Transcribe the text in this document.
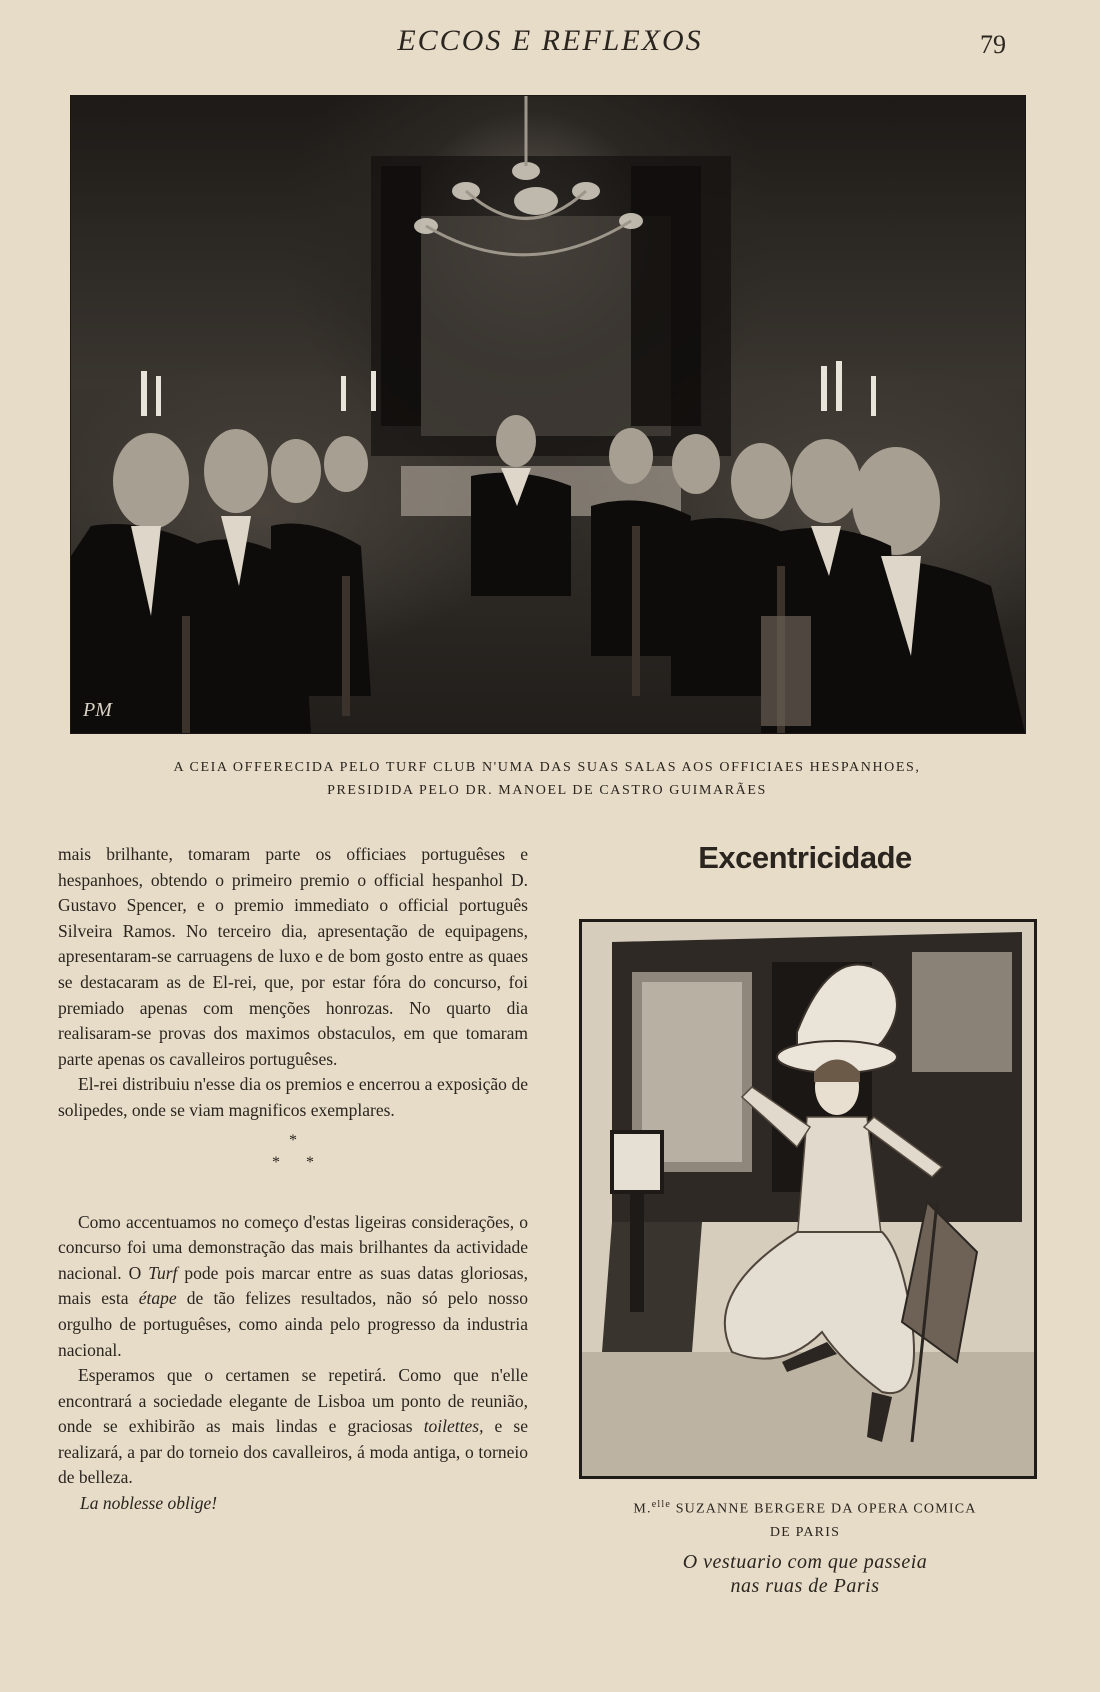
ECCOS E REFLEXOS	79
PM
A CEIA OFFERECIDA PELO TURF CLUB N'UMA DAS SUAS SALAS AOS OFFICIAES HESPANHOES,
PRESIDIDA PELO DR. MANOEL DE CASTRO GUIMARÃES

mais brilhante, tomaram parte os officiaes portuguêses e hespanhoes, obtendo o primeiro premio o official hespanhol D. Gustavo Spencer, e o premio immediato o official português Silveira Ramos. No terceiro dia, apresentação de equipagens, apresentaram-se carruagens de luxo e de bom gosto entre as quaes se destacaram as de El-rei, que, por estar fóra do concurso, foi premiado apenas com menções honrozas. No quarto dia realisaram-se provas dos maximos obstaculos, em que tomaram parte apenas os cavalleiros portuguêses.

El-rei distribuiu n'esse dia os premios e encerrou a exposição de solipedes, onde se viam magnificos exemplares.

*
* *

Como accentuamos no começo d'estas ligeiras considerações, o concurso foi uma demonstração das mais brilhantes da actividade nacional. O Turf pode pois marcar entre as suas datas gloriosas, mais esta étape de tão felizes resultados, não só pelo nosso orgulho de portuguêses, como ainda pelo progresso da industria nacional.

Esperamos que o certamen se repetirá. Como que n'elle encontrará a sociedade elegante de Lisboa um ponto de reunião, onde se exhibirão as mais lindas e graciosas toilettes, e se realizará, a par do torneio dos cavalleiros, á moda antiga, o torneio de belleza.

La noblesse oblige!

Excentricidade
M.$^{elle}$ SUZANNE BERGERE DA OPERA COMICA
DE PARIS
O vestuario com que passeia
nas ruas de Paris
